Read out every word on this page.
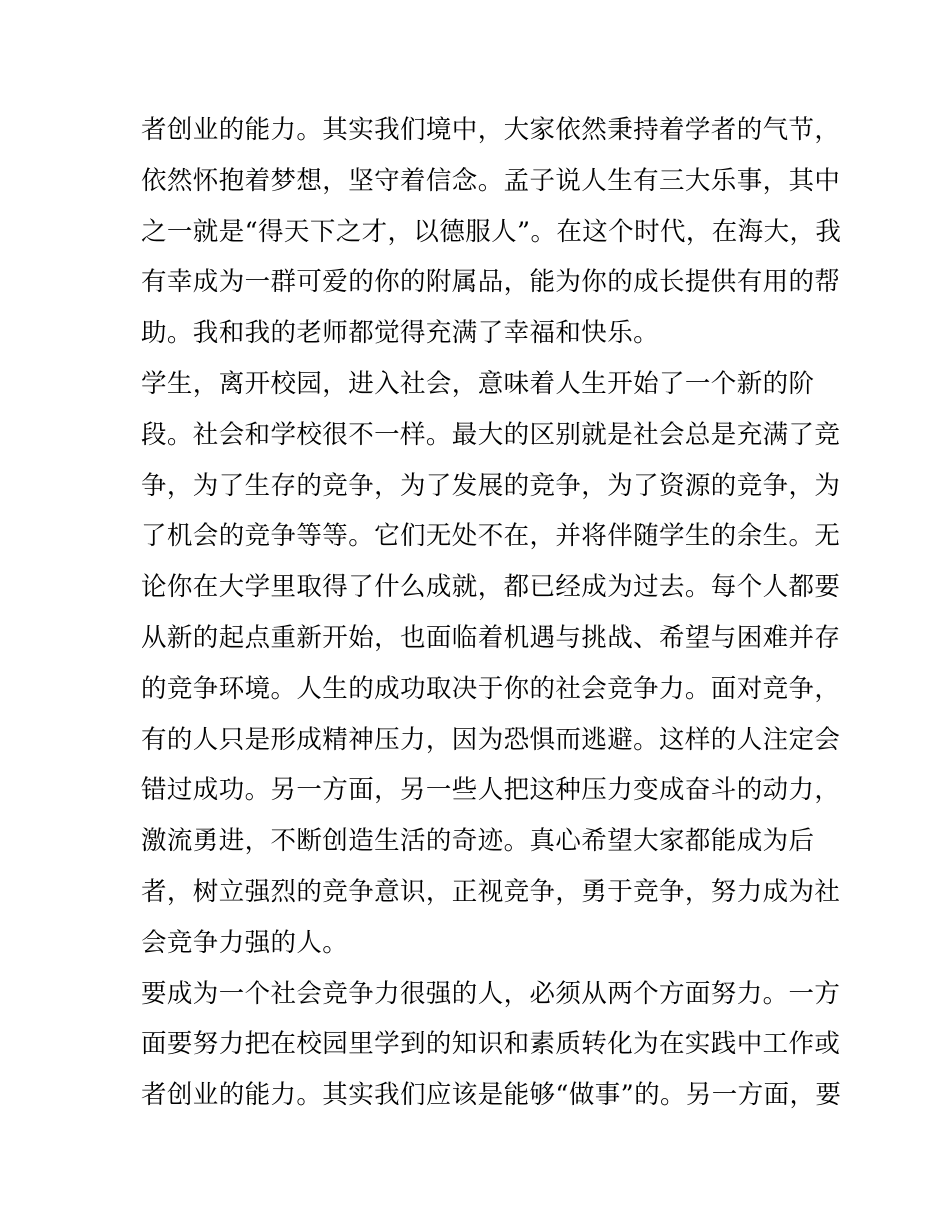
者创业的能力。其实我们境中，大家依然秉持着学者的气节，
依然怀抱着梦想，坚守着信念。孟子说人生有三大乐事，其中
之一就是“得天下之才，以德服人”。在这个时代，在海大，我
有幸成为一群可爱的你的附属品，能为你的成长提供有用的帮
助。我和我的老师都觉得充满了幸福和快乐。
学生，离开校园，进入社会，意味着人生开始了一个新的阶
段。社会和学校很不一样。最大的区别就是社会总是充满了竞
争，为了生存的竞争，为了发展的竞争，为了资源的竞争，为
了机会的竞争等等。它们无处不在，并将伴随学生的余生。无
论你在大学里取得了什么成就，都已经成为过去。每个人都要
从新的起点重新开始，也面临着机遇与挑战、希望与困难并存
的竞争环境。人生的成功取决于你的社会竞争力。面对竞争，
有的人只是形成精神压力，因为恐惧而逃避。这样的人注定会
错过成功。另一方面，另一些人把这种压力变成奋斗的动力，
激流勇进，不断创造生活的奇迹。真心希望大家都能成为后
者，树立强烈的竞争意识，正视竞争，勇于竞争，努力成为社
会竞争力强的人。
要成为一个社会竞争力很强的人，必须从两个方面努力。一方
面要努力把在校园里学到的知识和素质转化为在实践中工作或
者创业的能力。其实我们应该是能够“做事”的。另一方面，要
